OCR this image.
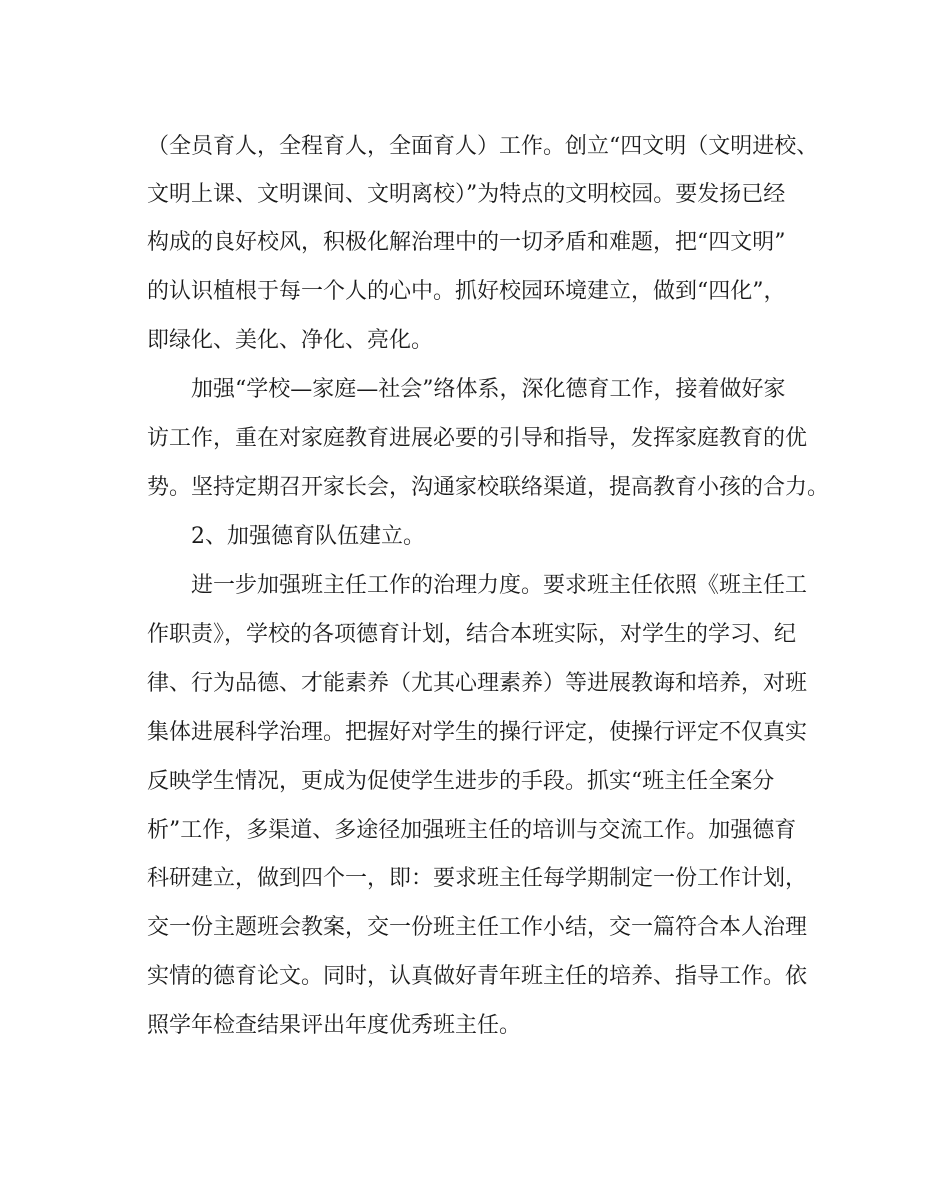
（全员育人，全程育人，全面育人）工作。创立“四文明（文明进校、
文明上课、文明课间、文明离校）”为特点的文明校园。要发扬已经
构成的良好校风，积极化解治理中的一切矛盾和难题，把“四文明”
的认识植根于每一个人的心中。抓好校园环境建立，做到“四化”，
即绿化、美化、净化、亮化。
　　加强“学校—家庭—社会”络体系，深化德育工作，接着做好家
访工作，重在对家庭教育进展必要的引导和指导，发挥家庭教育的优
势。坚持定期召开家长会，沟通家校联络渠道，提高教育小孩的合力。
　　2、加强德育队伍建立。
　　进一步加强班主任工作的治理力度。要求班主任依照《班主任工
作职责》，学校的各项德育计划，结合本班实际，对学生的学习、纪
律、行为品德、才能素养（尤其心理素养）等进展教诲和培养，对班
集体进展科学治理。把握好对学生的操行评定，使操行评定不仅真实
反映学生情况，更成为促使学生进步的手段。抓实“班主任全案分
析”工作，多渠道、多途径加强班主任的培训与交流工作。加强德育
科研建立，做到四个一，即：要求班主任每学期制定一份工作计划，
交一份主题班会教案，交一份班主任工作小结，交一篇符合本人治理
实情的德育论文。同时，认真做好青年班主任的培养、指导工作。依
照学年检查结果评出年度优秀班主任。
